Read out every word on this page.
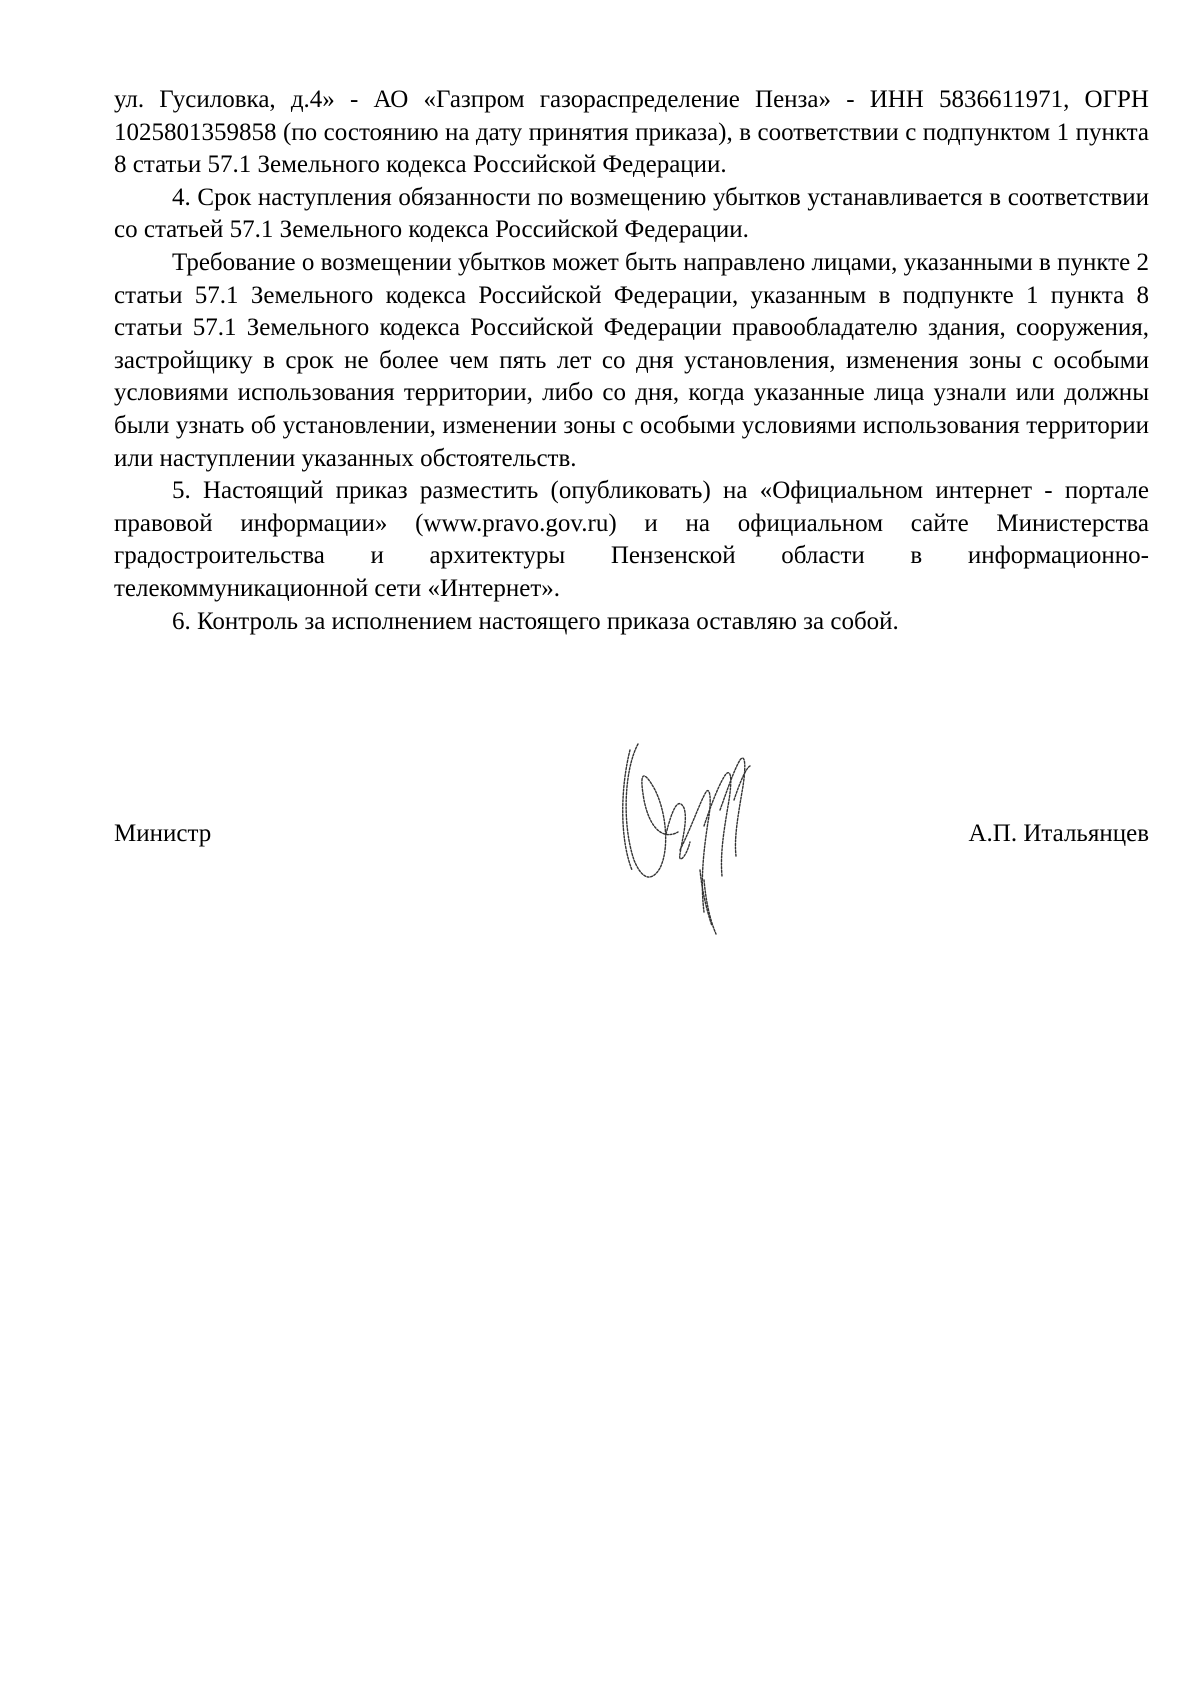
ул. Гусиловка, д.4» - АО «Газпром газораспределение Пенза» - ИНН 5836611971, ОГРН 1025801359858 (по состоянию на дату принятия приказа), в соответствии с подпунктом 1 пункта 8 статьи 57.1 Земельного кодекса Российской Федерации.

4. Срок наступления обязанности по возмещению убытков устанавливается в соответствии со статьей 57.1 Земельного кодекса Российской Федерации.

Требование о возмещении убытков может быть направлено лицами, указанными в пункте 2 статьи 57.1 Земельного кодекса Российской Федерации, указанным в подпункте 1 пункта 8 статьи 57.1 Земельного кодекса Российской Федерации правообладателю здания, сооружения, застройщику в срок не более чем пять лет со дня установления, изменения зоны с особыми условиями использования территории, либо со дня, когда указанные лица узнали или должны были узнать об установлении, изменении зоны с особыми условиями использования территории или наступлении указанных обстоятельств.

5. Настоящий приказ разместить (опубликовать) на «Официальном интернет - портале правовой информации» (www.pravo.gov.ru) и на официальном сайте Министерства градостроительства и архитектуры Пензенской области в информационно-телекоммуникационной сети «Интернет».

6. Контроль за исполнением настоящего приказа оставляю за собой.

Министр	А.П. Итальянцев
